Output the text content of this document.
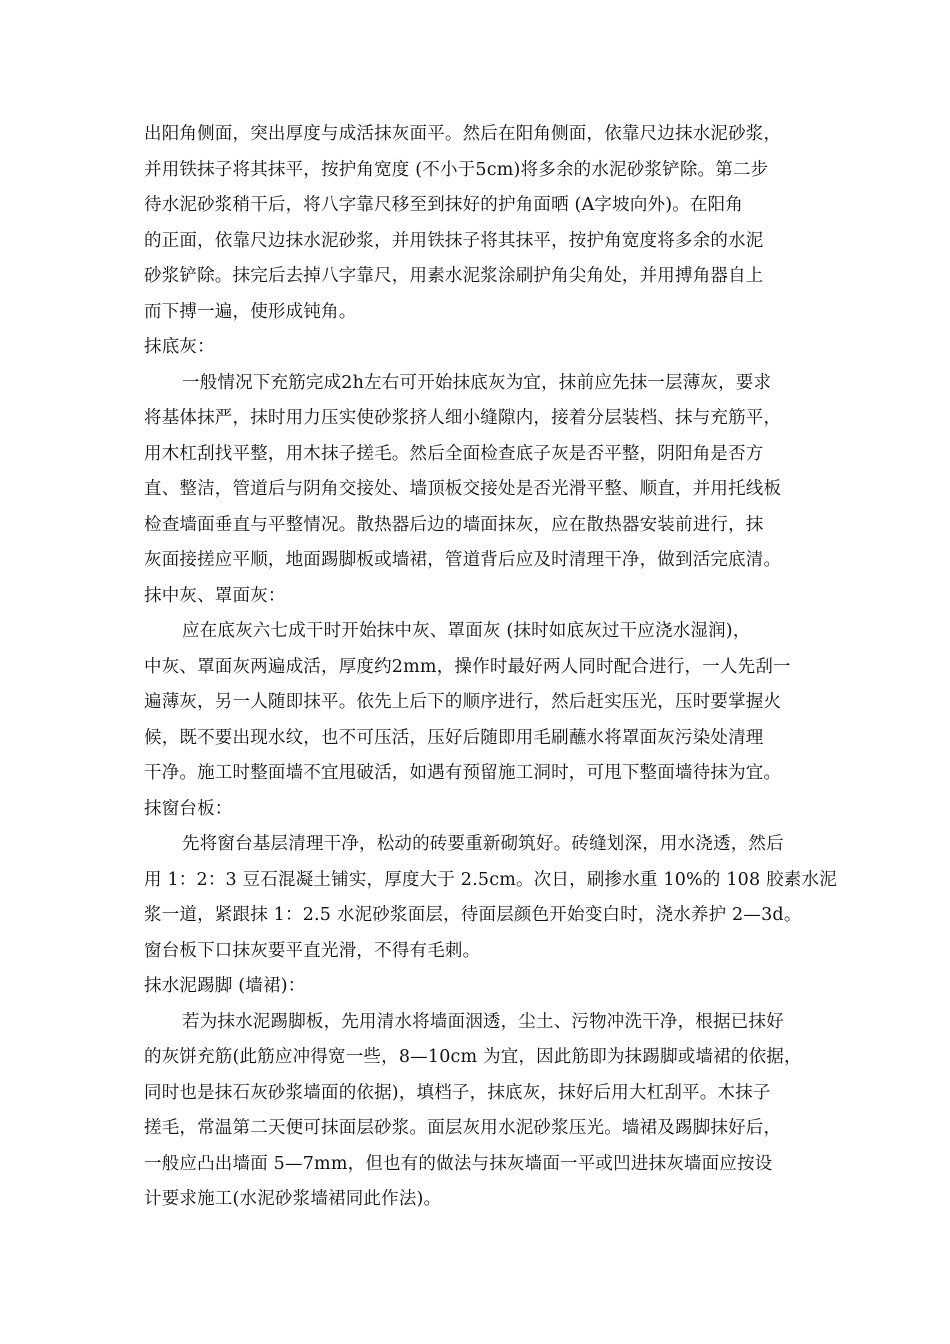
出阳角侧面，突出厚度与成活抹灰面平。然后在阳角侧面，依靠尺边抹水泥砂浆，
并用铁抹子将其抹平，按护角宽度 (不小于5cm)将多余的水泥砂浆铲除。第二步
待水泥砂浆稍干后，将八字靠尺移至到抹好的护角面晒 (A字坡向外)。在阳角
的正面，依靠尺边抹水泥砂浆，并用铁抹子将其抹平，按护角宽度将多余的水泥
砂浆铲除。抹完后去掉八字靠尺，用素水泥浆涂刷护角尖角处，并用搏角器自上
而下搏一遍，使形成钝角。
抹底灰：
一般情况下充筋完成2h左右可开始抹底灰为宜，抹前应先抹一层薄灰，要求
将基体抹严，抹时用力压实使砂浆挤人细小缝隙内，接着分层装档、抹与充筋平，
用木杠刮找平整，用木抹子搓毛。然后全面检查底子灰是否平整，阴阳角是否方
直、整洁，管道后与阴角交接处、墙顶板交接处是否光滑平整、顺直，并用托线板
检查墙面垂直与平整情况。散热器后边的墙面抹灰，应在散热器安装前进行，抹
灰面接搓应平顺，地面踢脚板或墙裙，管道背后应及时清理干净，做到活完底清。
抹中灰、罩面灰：
应在底灰六七成干时开始抹中灰、罩面灰 (抹时如底灰过干应浇水湿润)，
中灰、罩面灰两遍成活，厚度约2mm，操作时最好两人同时配合进行，一人先刮一
遍薄灰，另一人随即抹平。依先上后下的顺序进行，然后赶实压光，压时要掌握火
候，既不要出现水纹，也不可压活，压好后随即用毛刷蘸水将罩面灰污染处清理
干净。施工时整面墙不宜甩破活，如遇有预留施工洞时，可甩下整面墙待抹为宜。
抹窗台板：
先将窗台基层清理干净，松动的砖要重新砌筑好。砖缝划深，用水浇透，然后
用 1：2：3 豆石混凝土铺实，厚度大于 2.5cm。次日，刷掺水重 10%的 108 胶素水泥
浆一道，紧跟抹 1：2.5 水泥砂浆面层，待面层颜色开始变白时，浇水养护 2—3d。
窗台板下口抹灰要平直光滑，不得有毛刺。
抹水泥踢脚 (墙裙)：
若为抹水泥踢脚板，先用清水将墙面洇透，尘土、污物冲洗干净，根据已抹好
的灰饼充筋(此筋应冲得宽一些，8—10cm 为宜，因此筋即为抹踢脚或墙裙的依据，
同时也是抹石灰砂浆墙面的依据)，填档子，抹底灰，抹好后用大杠刮平。木抹子
搓毛，常温第二天便可抹面层砂浆。面层灰用水泥砂浆压光。墙裙及踢脚抹好后，
一般应凸出墙面 5—7mm，但也有的做法与抹灰墙面一平或凹进抹灰墙面应按设
计要求施工(水泥砂浆墙裙同此作法)。
